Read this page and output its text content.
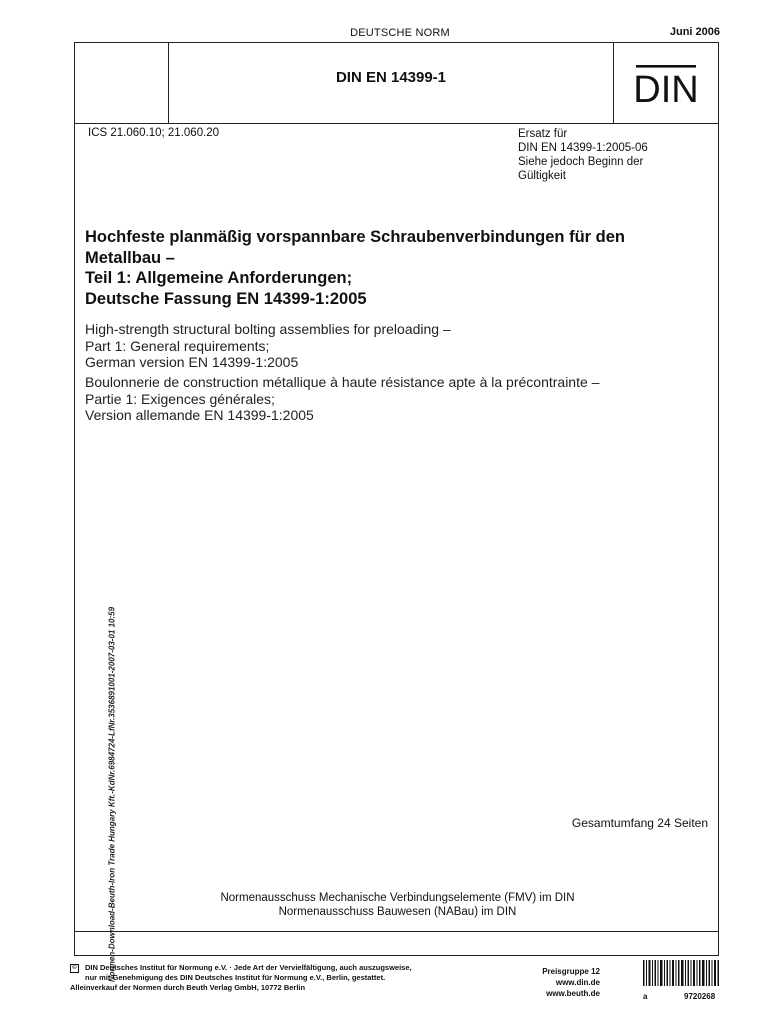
DEUTSCHE NORM	Juni 2006
DIN EN 14399-1	DIN
ICS 21.060.10; 21.060.20	Ersatz für
DIN EN 14399-1:2005-06
Siehe jedoch Beginn der
Gültigkeit
Hochfeste planmäßig vorspannbare Schraubenverbindungen für den
Metallbau –
Teil 1: Allgemeine Anforderungen;
Deutsche Fassung EN 14399-1:2005
High-strength structural bolting assemblies for preloading –
Part 1: General requirements;
German version EN 14399-1:2005
Boulonnerie de construction métallique à haute résistance apte à la précontrainte –
Partie 1: Exigences générales;
Version allemande EN 14399-1:2005
Gesamtumfang 24 Seiten
Normenausschuss Mechanische Verbindungselemente (FMV) im DIN
Normenausschuss Bauwesen (NABau) im DIN
Normen-Download-Beuth-Iron Trade Hungary Kft.-KdNr.6984724-LfNr.3536891001-2007-03-01 10:59
© DIN Deutsches Institut für Normung e.V. · Jede Art der Vervielfältigung, auch auszugsweise,
nur mit Genehmigung des DIN Deutsches Institut für Normung e.V., Berlin, gestattet.
Alleinverkauf der Normen durch Beuth Verlag GmbH, 10772 Berlin
Preisgruppe 12
www.din.de
www.beuth.de	a	9720268
